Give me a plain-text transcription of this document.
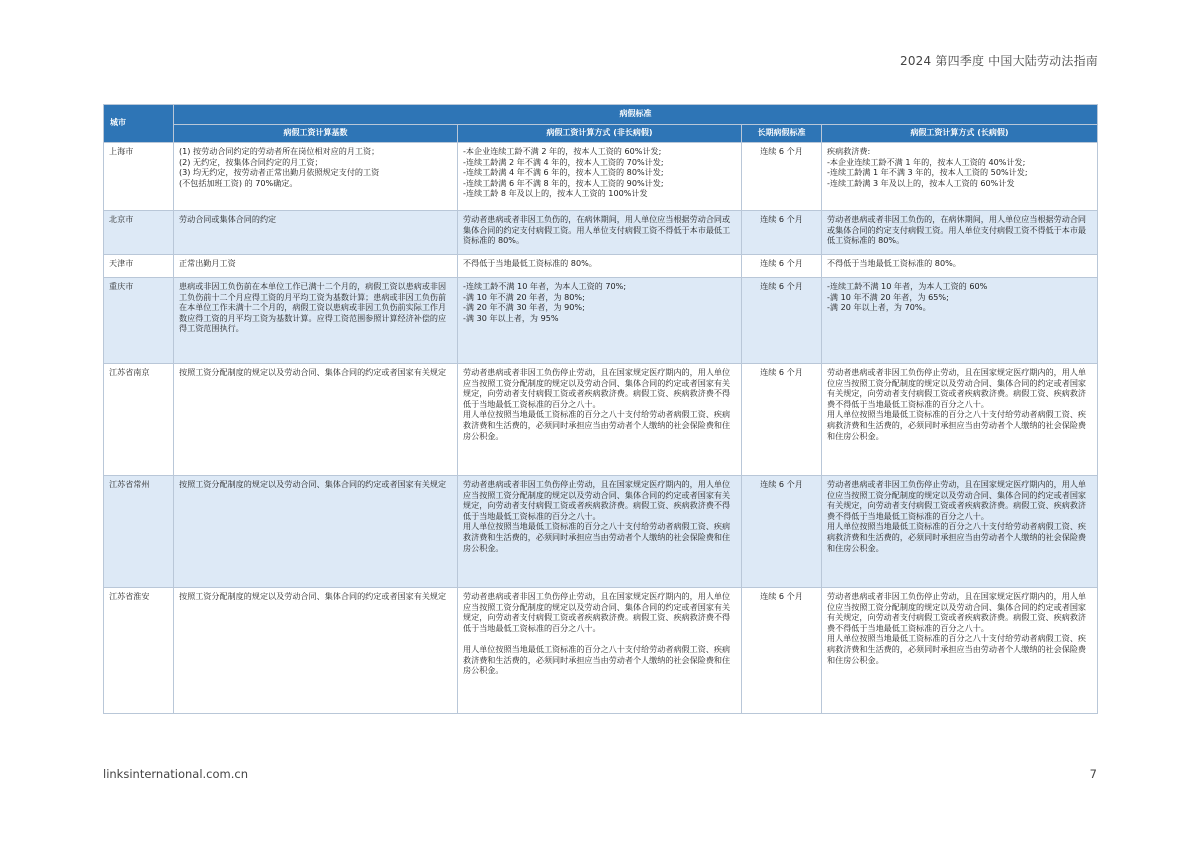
2024 第四季度 中国大陆劳动法指南
城市	病假标准			
	病假工资计算基数	病假工资计算方式 (非长病假)	长期病假标准	病假工资计算方式 (长病假)
上海市	(1) 按劳动合同约定的劳动者所在岗位相对应的月工资；
(2) 无约定，按集体合同约定的月工资；
(3) 均无约定，按劳动者正常出勤月依照规定支付的工资
(不包括加班工资) 的 70%确定。	-本企业连续工龄不满 2 年的，按本人工资的 60%计发;
-连续工龄满 2 年不满 4 年的，按本人工资的 70%计发;
-连续工龄满 4 年不满 6 年的，按本人工资的 80%计发;
-连续工龄满 6 年不满 8 年的，按本人工资的 90%计发;
-连续工龄 8 年及以上的，按本人工资的 100%计发	连续 6 个月	疾病救济费:
-本企业连续工龄不满 1 年的，按本人工资的 40%计发;
-连续工龄满 1 年不满 3 年的，按本人工资的 50%计发;
-连续工龄满 3 年及以上的，按本人工资的 60%计发

北京市	劳动合同或集体合同的约定	劳动者患病或者非因工负伤的，在病休期间，用人单位应当根据劳动合同或集体合同的约定支付病假工资。用人单位支付病假工资不得低于本市最低工资标准的 80%。	连续 6 个月	劳动者患病或者非因工负伤的，在病休期间，用人单位应当根据劳动合同或集体合同的约定支付病假工资。用人单位支付病假工资不得低于本市最低工资标准的 80%。

天津市	正常出勤月工资	不得低于当地最低工资标准的 80%。	连续 6 个月	不得低于当地最低工资标准的 80%。

重庆市	患病或非因工负伤前在本单位工作已满十二个月的，病假工资以患病或非因工负伤前十二个月应得工资的月平均工资为基数计算；患病或非因工负伤前在本单位工作未满十二个月的，病假工资以患病或非因工负伤前实际工作月数应得工资的月平均工资为基数计算。应得工资范围参照计算经济补偿的应得工资范围执行。	-连续工龄不满 10 年者，为本人工资的 70%;
-满 10 年不满 20 年者，为 80%;
-满 20 年不满 30 年者，为 90%;
-满 30 年以上者，为 95%	连续 6 个月	-连续工龄不满 10 年者，为本人工资的 60%
-满 10 年不满 20 年者，为 65%;
-满 20 年以上者，为 70%。

江苏省南京	按照工资分配制度的规定以及劳动合同、集体合同的约定或者国家有关规定	劳动者患病或者非因工负伤停止劳动，且在国家规定医疗期内的，用人单位应当按照工资分配制度的规定以及劳动合同、集体合同的约定或者国家有关规定，向劳动者支付病假工资或者疾病救济费。病假工资、疾病救济费不得低于当地最低工资标准的百分之八十。
用人单位按照当地最低工资标准的百分之八十支付给劳动者病假工资、疾病救济费和生活费的，必须同时承担应当由劳动者个人缴纳的社会保险费和住房公积金。	连续 6 个月	劳动者患病或者非因工负伤停止劳动，且在国家规定医疗期内的，用人单位应当按照工资分配制度的规定以及劳动合同、集体合同的约定或者国家有关规定，向劳动者支付病假工资或者疾病救济费。病假工资、疾病救济费不得低于当地最低工资标准的百分之八十。
用人单位按照当地最低工资标准的百分之八十支付给劳动者病假工资、疾病救济费和生活费的，必须同时承担应当由劳动者个人缴纳的社会保险费和住房公积金。

江苏省常州	按照工资分配制度的规定以及劳动合同、集体合同的约定或者国家有关规定	劳动者患病或者非因工负伤停止劳动，且在国家规定医疗期内的，用人单位应当按照工资分配制度的规定以及劳动合同、集体合同的约定或者国家有关规定，向劳动者支付病假工资或者疾病救济费。病假工资、疾病救济费不得低于当地最低工资标准的百分之八十。
用人单位按照当地最低工资标准的百分之八十支付给劳动者病假工资、疾病救济费和生活费的，必须同时承担应当由劳动者个人缴纳的社会保险费和住房公积金。	连续 6 个月	劳动者患病或者非因工负伤停止劳动，且在国家规定医疗期内的，用人单位应当按照工资分配制度的规定以及劳动合同、集体合同的约定或者国家有关规定，向劳动者支付病假工资或者疾病救济费。病假工资、疾病救济费不得低于当地最低工资标准的百分之八十。
用人单位按照当地最低工资标准的百分之八十支付给劳动者病假工资、疾病救济费和生活费的，必须同时承担应当由劳动者个人缴纳的社会保险费和住房公积金。

江苏省淮安	按照工资分配制度的规定以及劳动合同、集体合同的约定或者国家有关规定	劳动者患病或者非因工负伤停止劳动，且在国家规定医疗期内的，用人单位应当按照工资分配制度的规定以及劳动合同、集体合同的约定或者国家有关规定，向劳动者支付病假工资或者疾病救济费。病假工资、疾病救济费不得低于当地最低工资标准的百分之八十。
用人单位按照当地最低工资标准的百分之八十支付给劳动者病假工资、疾病救济费和生活费的，必须同时承担应当由劳动者个人缴纳的社会保险费和住房公积金。	连续 6 个月	劳动者患病或者非因工负伤停止劳动，且在国家规定医疗期内的，用人单位应当按照工资分配制度的规定以及劳动合同、集体合同的约定或者国家有关规定，向劳动者支付病假工资或者疾病救济费。病假工资、疾病救济费不得低于当地最低工资标准的百分之八十。
用人单位按照当地最低工资标准的百分之八十支付给劳动者病假工资、疾病救济费和生活费的，必须同时承担应当由劳动者个人缴纳的社会保险费和住房公积金。
linksinternational.com.cn	7
